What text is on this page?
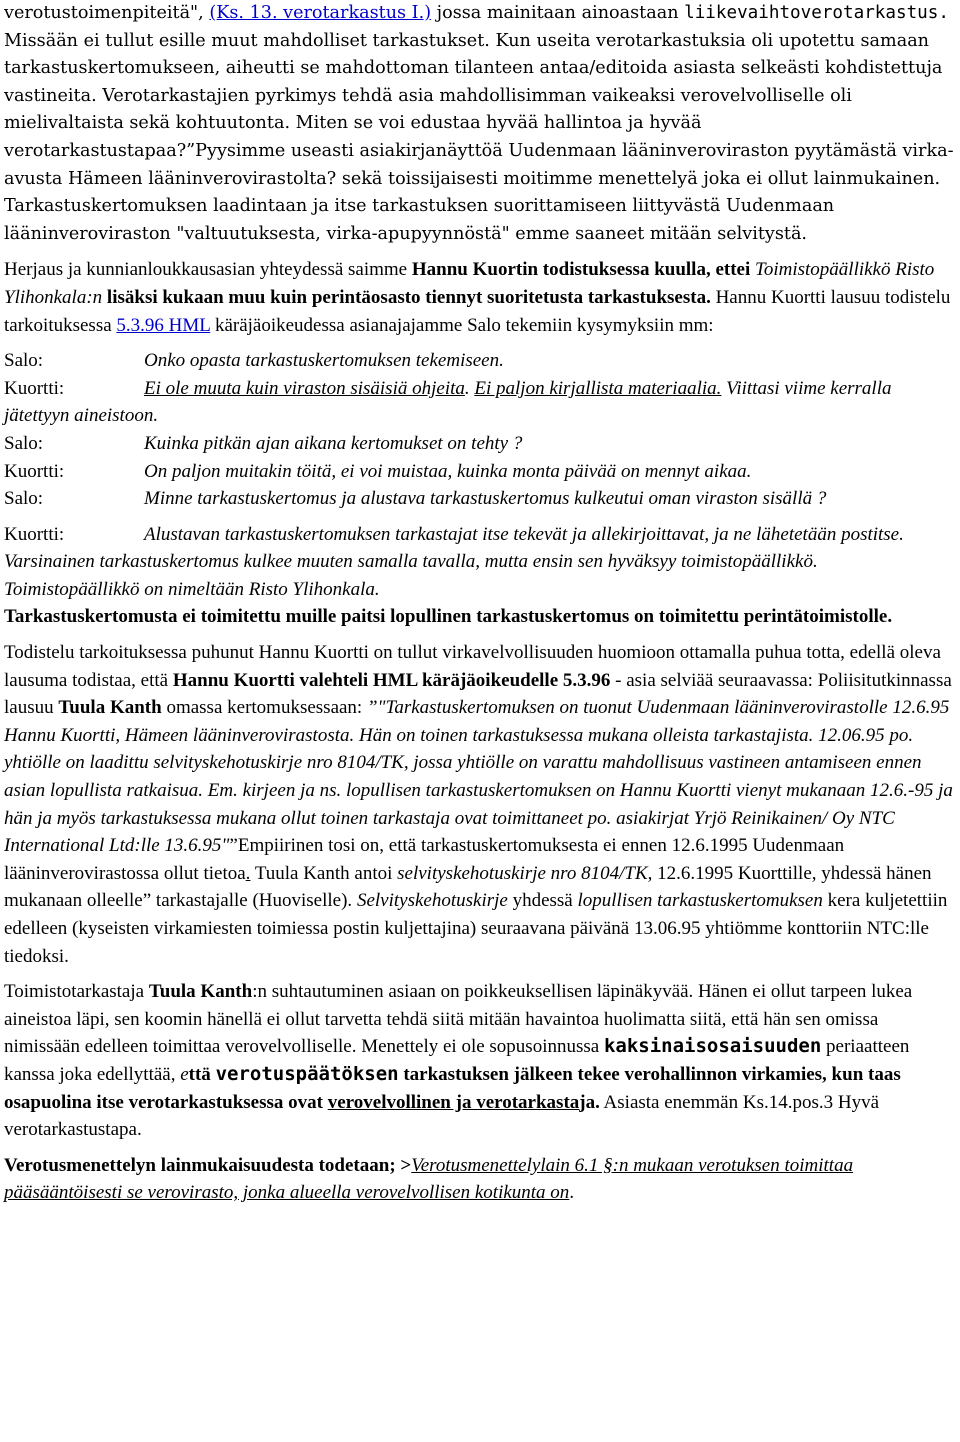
verotustoimenpiteitä", (Ks. 13. verotarkastus I.) jossa mainitaan ainoastaan liikevaihtoverotarkastus. Missään ei tullut esille muut mahdolliset tarkastukset. Kun useita verotarkastuksia oli upotettu samaan tarkastuskertomukseen, aiheutti se mahdottoman tilanteen antaa/editoida asiasta selkeästi kohdistettuja vastineita. Verotarkastajien pyrkimys tehdä asia mahdollisimman vaikeaksi verovelvolliselle oli mielivaltaista sekä kohtuutonta. Miten se voi edustaa hyvää hallintoa ja hyvää verotarkastustapaa?”Pyysimme useasti asiakirjanäyttöä Uudenmaan lääninveroviraston pyytämästä virka-avusta Hämeen lääninverovirastolta? sekä toissijaisesti moitimme menettelyä joka ei ollut lainmukainen. Tarkastuskertomuksen laadintaan ja itse tarkastuksen suorittamiseen liittyvästä Uudenmaan lääninveroviraston "valtuutuksesta, virka-apupyynnöstä" emme saaneet mitään selvitystä.

Herjaus ja kunnianloukkausasian yhteydessä saimme Hannu Kuortin todistuksessa kuulla, ettei Toimistopäällikkö Risto Ylihonkala:n lisäksi kukaan muu kuin perintäosasto tiennyt suoritetusta tarkastuksesta. Hannu Kuortti lausuu todistelu tarkoituksessa 5.3.96 HML käräjäoikeudessa asianajajamme Salo tekemiin kysymyksiin mm:

Salo:	Onko opasta tarkastuskertomuksen tekemiseen.

Kuortti:	Ei ole muuta kuin viraston sisäisiä ohjeita. Ei paljon kirjallista materiaalia. Viittasi viime kerralla jätettyyn aineistoon.

Salo:	Kuinka pitkän ajan aikana kertomukset on tehty ?

Kuortti:	On paljon muitakin töitä, ei voi muistaa, kuinka monta päivää on mennyt aikaa.

Salo:	Minne tarkastuskertomus ja alustava tarkastuskertomus kulkeutui oman viraston sisällä ?

Kuortti:	Alustavan tarkastuskertomuksen tarkastajat itse tekevät ja allekirjoittavat, ja ne lähetetään postitse. Varsinainen tarkastuskertomus kulkee muuten samalla tavalla, mutta ensin sen hyväksyy toimistopäällikkö. Toimistopäällikkö on nimeltään Risto Ylihonkala.

Tarkastuskertomusta ei toimitettu muille paitsi lopullinen tarkastuskertomus on toimitettu perintätoimistolle.

Todistelu tarkoituksessa puhunut Hannu Kuortti on tullut virkavelvollisuuden huomioon ottamalla puhua totta, edellä oleva lausuma todistaa, että Hannu Kuortti valehteli HML käräjäoikeudelle 5.3.96 - asia selviää seuraavassa: Poliisitutkinnassa lausuu Tuula Kanth omassa kertomuksessaan: ”"Tarkastuskertomuksen on tuonut Uudenmaan lääninverovirastolle 12.6.95 Hannu Kuortti, Hämeen lääninverovirastosta. Hän on toinen tarkastuksessa mukana olleista tarkastajista. 12.06.95 po. yhtiölle on laadittu selvityskehotuskirje nro 8104/TK, jossa yhtiölle on varattu mahdollisuus vastineen antamiseen ennen asian lopullista ratkaisua. Em. kirjeen ja ns. lopullisen tarkastuskertomuksen on Hannu Kuortti vienyt mukanaan 12.6.-95 ja hän ja myös tarkastuksessa mukana ollut toinen tarkastaja ovat toimittaneet po. asiakirjat Yrjö Reinikainen/ Oy NTC International Ltd:lle 13.6.95"”Empiirinen tosi on, että tarkastuskertomuksesta ei ennen 12.6.1995 Uudenmaan lääninverovirastossa ollut tietoa. Tuula Kanth antoi selvityskehotuskirje nro 8104/TK, 12.6.1995 Kuorttille, yhdessä hänen mukanaan olleelle” tarkastajalle (Huoviselle). Selvityskehotuskirje yhdessä lopullisen tarkastuskertomuksen kera kuljetettiin edelleen (kyseisten virkamiesten toimiessa postin kuljettajina) seuraavana päivänä 13.06.95 yhtiömme konttoriin NTC:lle tiedoksi.

Toimistotarkastaja Tuula Kanth:n suhtautuminen asiaan on poikkeuksellisen läpinäkyvää. Hänen ei ollut tarpeen lukea aineistoa läpi, sen koomin hänellä ei ollut tarvetta tehdä siitä mitään havaintoa huolimatta siitä, että hän sen omissa nimissään edelleen toimittaa verovelvolliselle. Menettely ei ole sopusoinnussa kaksinaisosaisuuden periaatteen kanssa joka edellyttää, että verotuspäätöksen tarkastuksen jälkeen tekee verohallinnon virkamies, kun taas osapuolina itse verotarkastuksessa ovat verovelvollinen ja verotarkastaja. Asiasta enemmän Ks.14.pos.3 Hyvä verotarkastustapa.

Verotusmenettelyn lainmukaisuudesta todetaan; >Verotusmenettelylain 6.1 §:n mukaan verotuksen toimittaa pääsääntöisesti se verovirasto, jonka alueella verovelvollisen kotikunta on.
